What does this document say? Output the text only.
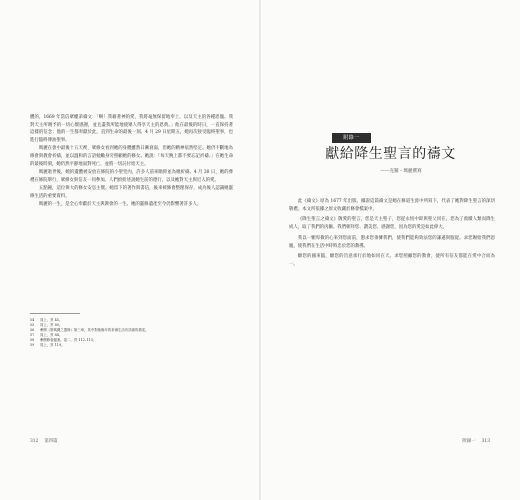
體的，1669 年當信眾權弟禱文：「啊！我藉著神的愛，我將毫無保留地奉上，以及天主的各種恩寵。我對天主所賜予的一切心懷感謝，並且盡我所能地使眾人得享天主的恩典。」他在最後的時日，一直保持著這樣的信念；他的一生都奉獻於此，直到生命的最後一刻。4 月 29 日星期五，她再次接受臨終聖事，也進行臨終傅油聖事。

瑪麗在會中最後十五天裡，眾修女看到她的身體雖然日漸衰弱，但她的精神依然堅定。她仍不斷地為修會與教會祈禱，並以溫和的言語勉勵身旁照顧她的修女。她說：「每天晚上都不要忘記祈禱。」在她生命的最後時刻，她仍然平靜地面對死亡，並將一切託付給天主。

瑪麗逝世後，她的遺體被安放在修院的小聖堂內，許多人前來瞻仰並為她祈禱。4 月 30 日，她的葬禮在修院舉行，眾修女與信友一同參加。人們紛紛述說她生前的德行，以及她對天主與近人的愛。

五點鐘，這位偉大的修女安息主懷。她留下的著作與書信，後來被修會整理保存，成為後人認識她靈修生活的重要資料。

瑪麗的一生，是全心奉獻於天主與教會的一生。她的靈修遺產至今仍影響著許多人。

54	同上，頁 45。
55	同上，頁 80。
56	參閱《聖瑪麗之靈修》第三章，其中對她晚年的祈禱生活有詳細的描述。
57	同上，頁 84。
58	參閱修會檔案，卷二，頁 112–115。
59	同上，頁 119。
312 第四篇
附錄一
獻給降生聖言的禱文
——克羅・瑪麗撰寫

此《禱文》原為 1677 年出版。據說這篇禱文是她在修道生涯中所寫下，代表了她對降生聖言的深切敬禮。本文所依據之原文收藏於修會檔案中。

《降生聖言之禱文》敬愛的聖言，您是天主聖子，您從永恆中即與聖父同在。您為了救贖人類而降生成人，取了我們的肉軀。我們朝拜您、讚美您、感謝您，因為您的愛是如此偉大。

我以一顆卑微的心來到您面前，懇求您垂憐我們，使我們能夠效法您的謙遜與服從。求您賜給我們恩寵，使我們在生活中時時忠於您的教導。

願您的國來臨，願您的旨意承行於地如同在天。求您照顧您的教會，使所有信友都能在愛中合而為一。

附錄一 313
